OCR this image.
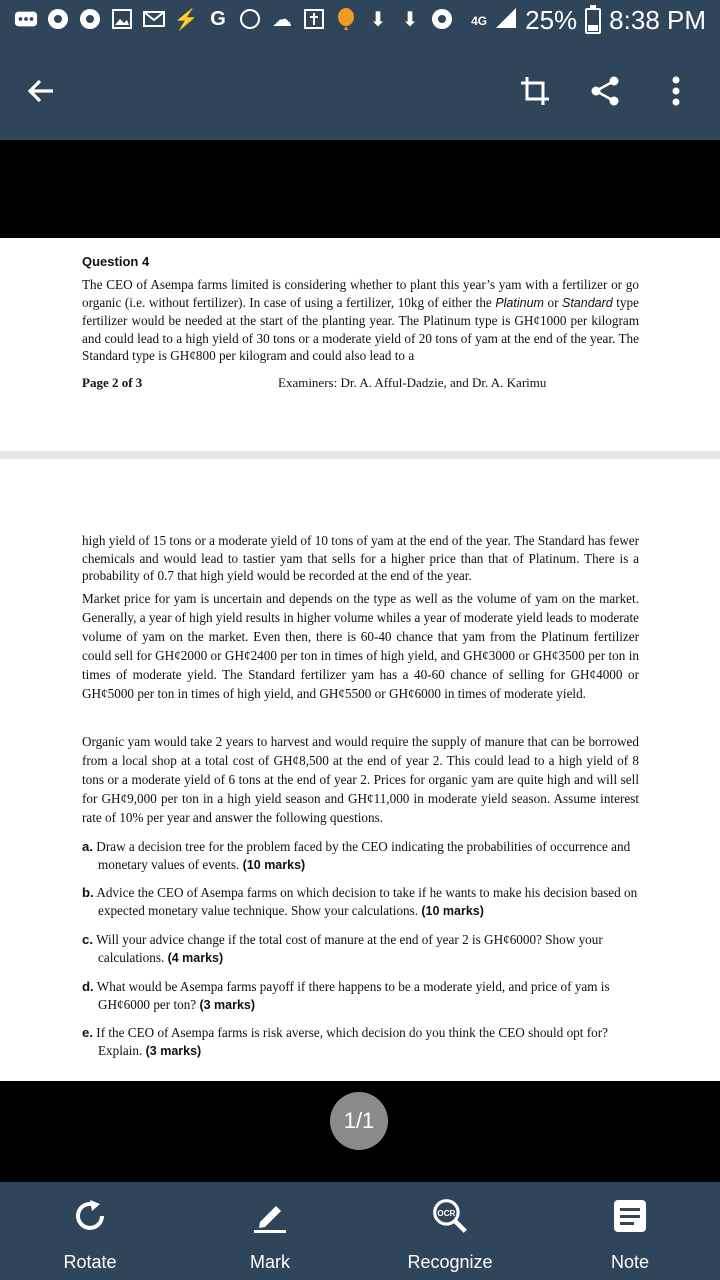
⚡ G ☁	⬇ ⬇	4G 25% 8:38 PM
Question 4
The CEO of Asempa farms limited is considering whether to plant this year’s yam with a fertilizer or go organic (i.e. without fertilizer). In case of using a fertilizer, 10kg of either the Platinum or Standard type fertilizer would be needed at the start of the planting year. The Platinum type is GH¢1000 per kilogram and could lead to a high yield of 30 tons or a moderate yield of 20 tons of yam at the end of the year. The Standard type is GH¢800 per kilogram and could also lead to a
Page 2 of 3	Examiners: Dr. A. Afful-Dadzie, and Dr. A. Karimu
high yield of 15 tons or a moderate yield of 10 tons of yam at the end of the year. The Standard has fewer chemicals and would lead to tastier yam that sells for a higher price than that of Platinum. There is a probability of 0.7 that high yield would be recorded at the end of the year.
Market price for yam is uncertain and depends on the type as well as the volume of yam on the market. Generally, a year of high yield results in higher volume whiles a year of moderate yield leads to moderate volume of yam on the market. Even then, there is 60-40 chance that yam from the Platinum fertilizer could sell for GH¢2000 or GH¢2400 per ton in times of high yield, and GH¢3000 or GH¢3500 per ton in times of moderate yield. The Standard fertilizer yam has a 40-60 chance of selling for GH¢4000 or GH¢5000 per ton in times of high yield, and GH¢5500 or GH¢6000 in times of moderate yield.
Organic yam would take 2 years to harvest and would require the supply of manure that can be borrowed from a local shop at a total cost of GH¢8,500 at the end of year 2. This could lead to a high yield of 8 tons or a moderate yield of 6 tons at the end of year 2. Prices for organic yam are quite high and will sell for GH¢9,000 per ton in a high yield season and GH¢11,000 in moderate yield season. Assume interest rate of 10% per year and answer the following questions.
a. Draw a decision tree for the problem faced by the CEO indicating the probabilities of occurrence and monetary values of events. (10 marks)
b. Advice the CEO of Asempa farms on which decision to take if he wants to make his decision based on expected monetary value technique. Show your calculations. (10 marks)
c. Will your advice change if the total cost of manure at the end of year 2 is GH¢6000? Show your calculations. (4 marks)
d. What would be Asempa farms payoff if there happens to be a moderate yield, and price of yam is GH¢6000 per ton? (3 marks)
e. If the CEO of Asempa farms is risk averse, which decision do you think the CEO should opt for? Explain. (3 marks)
1/1
Rotate	Mark
OCR
Recognize	Note
